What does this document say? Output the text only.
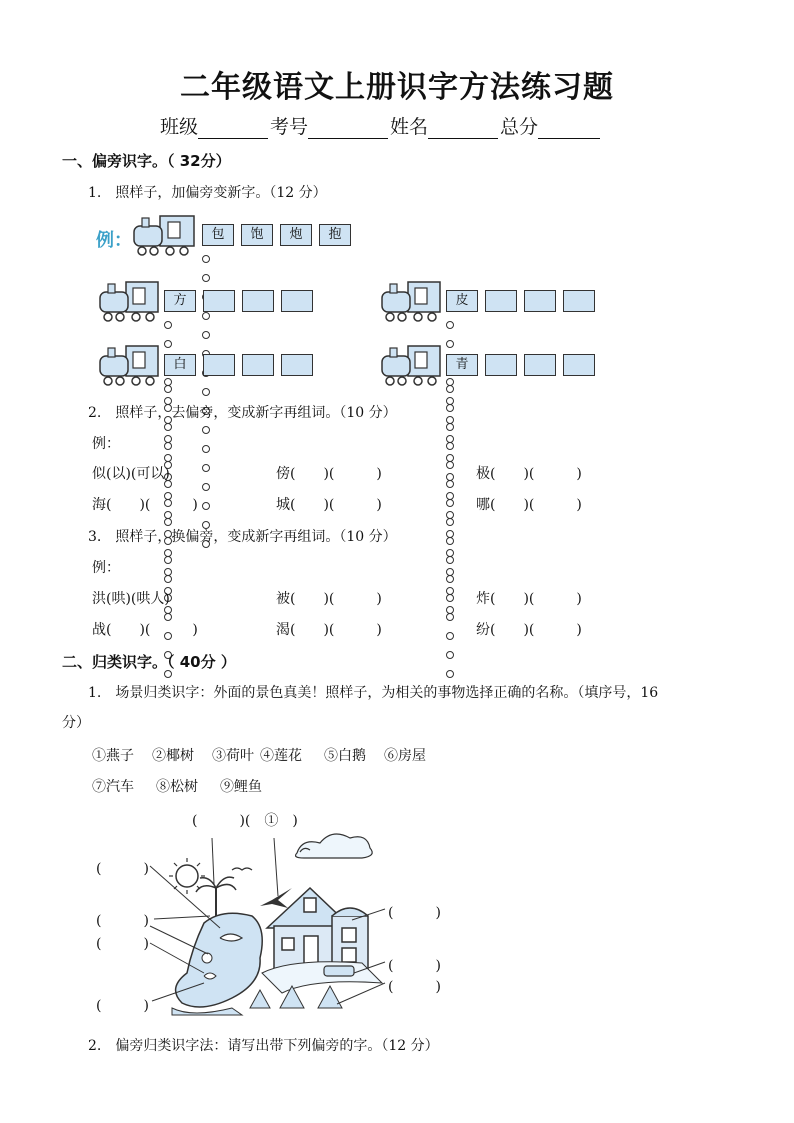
二年级语文上册识字方法练习题
班级	考号	姓名	总分
一、偏旁识字。（ 32分）
1.　照样子，加偏旁变新字。（12 分）
例：	包	饱	炮	抱
方	皮
白	青
2.　照样子，去偏旁，变成新字再组词。（10 分）
例：
似(以)(可以)	傍(　　)(　　　)	极(　　)(　　　)
海(　　)(　　　)	城(　　)(　　　)	哪(　　)(　　　)
3.　照样子，换偏旁，变成新字再组词。（10 分）
例：
洪(哄)(哄人)	被(　　)(　　　)	炸(　　)(　　　)
战(　　)(　　　)	渴(　　)(　　　)	纷(　　)(　　　)
二、归类识字。（ 40分 ）
1.　场景归类识字：外面的景色真美！照样子，为相关的事物选择正确的名称。（填序号，16
分）
①燕子 ②椰树 ③荷叶 ④莲花 ⑤白鹅 ⑥房屋
⑦汽车 ⑧松树 ⑨鲤鱼
(　　　)(　①　)
(　　　)
(　　　)
(　　　)
(　　　)
(　　　)
(　　　)
(　　　)
2.　偏旁归类识字法：请写出带下列偏旁的字。（12 分）
